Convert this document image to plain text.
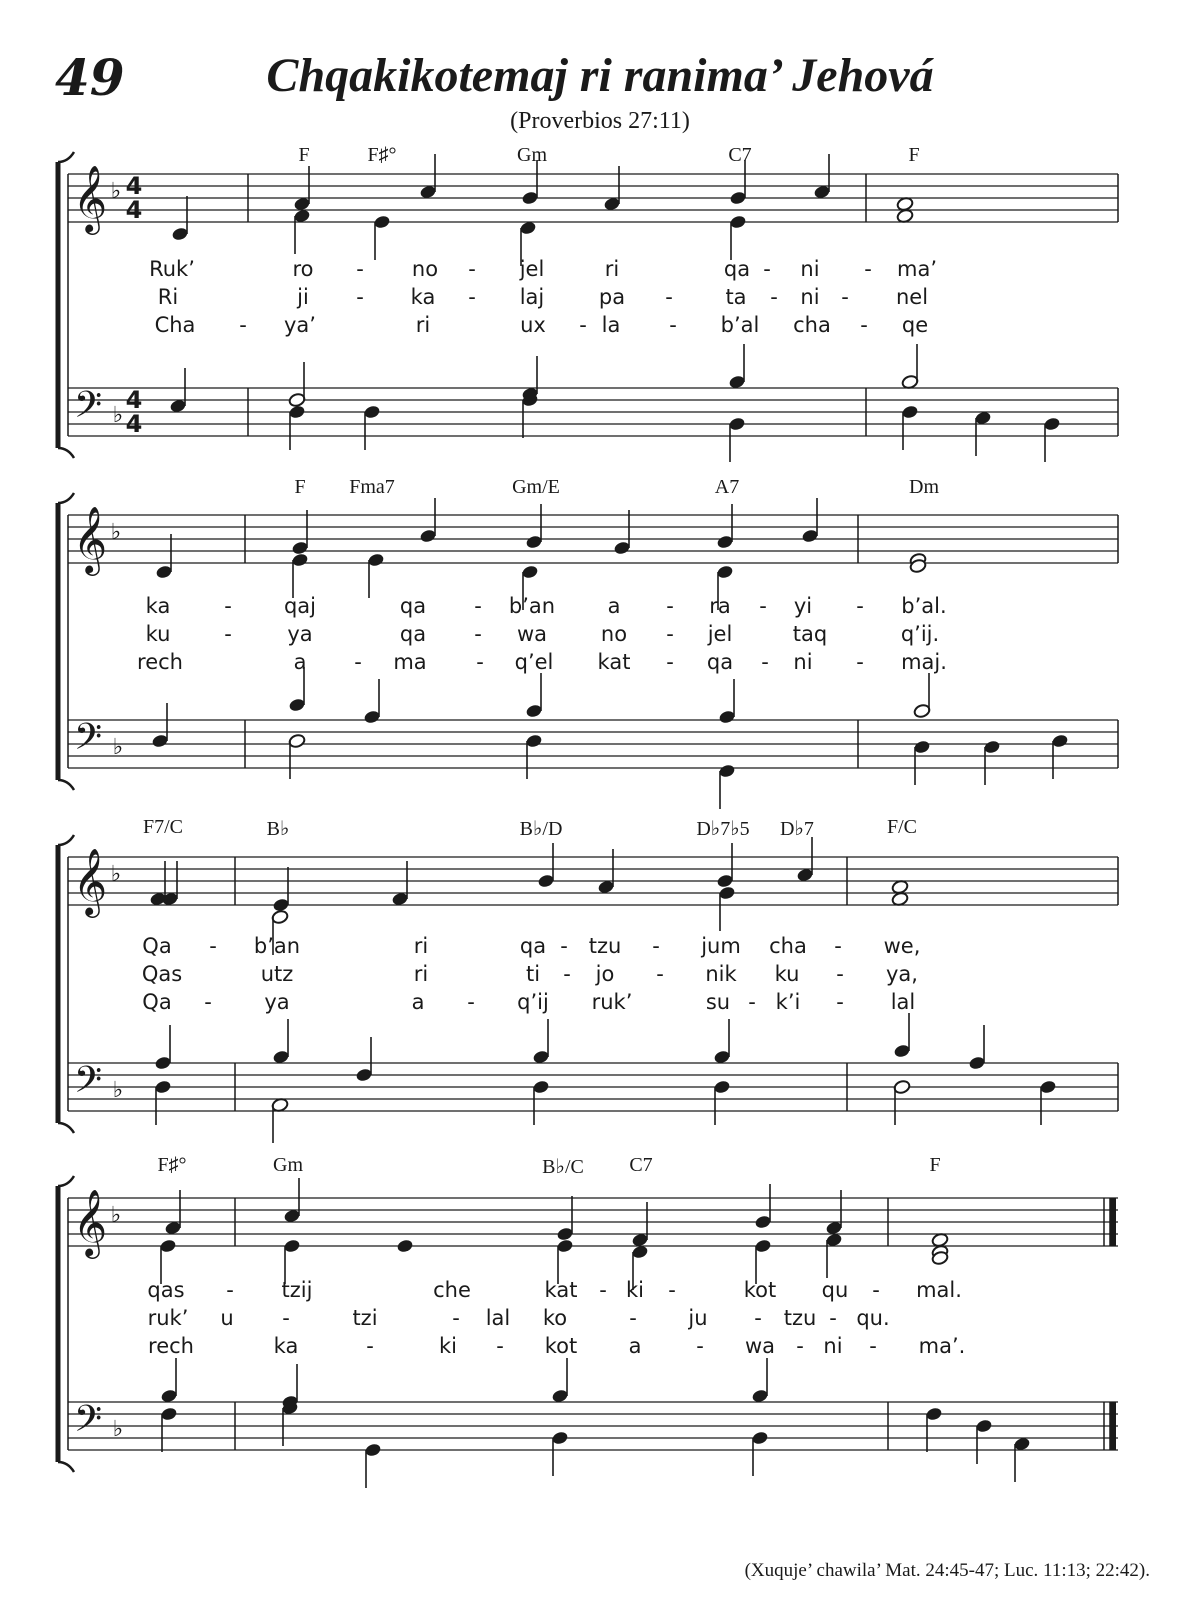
49	Chqakikotemaj ri ranima’ Jehová
(Proverbios 27:11)
𝄞
𝄢
♭
♭
4
4
4
4
𝄞
𝄢
♭
♭
𝄞
𝄢
♭
♭
𝄞
𝄢
♭
♭
F	F♯°	Gm	C7	F
Ruk’	ro - no - jel	ri	qa - ni - ma’
Ri	ji - ka - laj	pa -	ta - ni - nel
Cha - ya’	ri	ux - la - b’al cha - qe
F Fma7	Gm/E	A7	Dm
ka	- qaj	qa - b’an a - ra - yi - b’al.
ku	-	ya	qa - wa	no - jel	taq	q’ij.
rech	a - ma - q’el kat - qa - ni - maj.
F7/C	B♭	B♭/D	D♭7♭5 D♭7	F/C
Qa - b’an	ri	qa - tzu - jum cha - we,
Qas	utz	ri	ti - jo - nik ku - ya,
Qa -	ya	a - q’ij ruk’	su - k’i - lal
F♯°	Gm	B♭/C C7	F
qas - tzij	che	kat - ki -	kot qu - mal.
ruk’ u -	tzi	- lal ko	- ju - tzu - qu.
rech	ka	-	ki - kot a	- wa - ni - ma’.
(Xuquje’ chawila’ Mat. 24:45-47; Luc. 11:13; 22:42).
